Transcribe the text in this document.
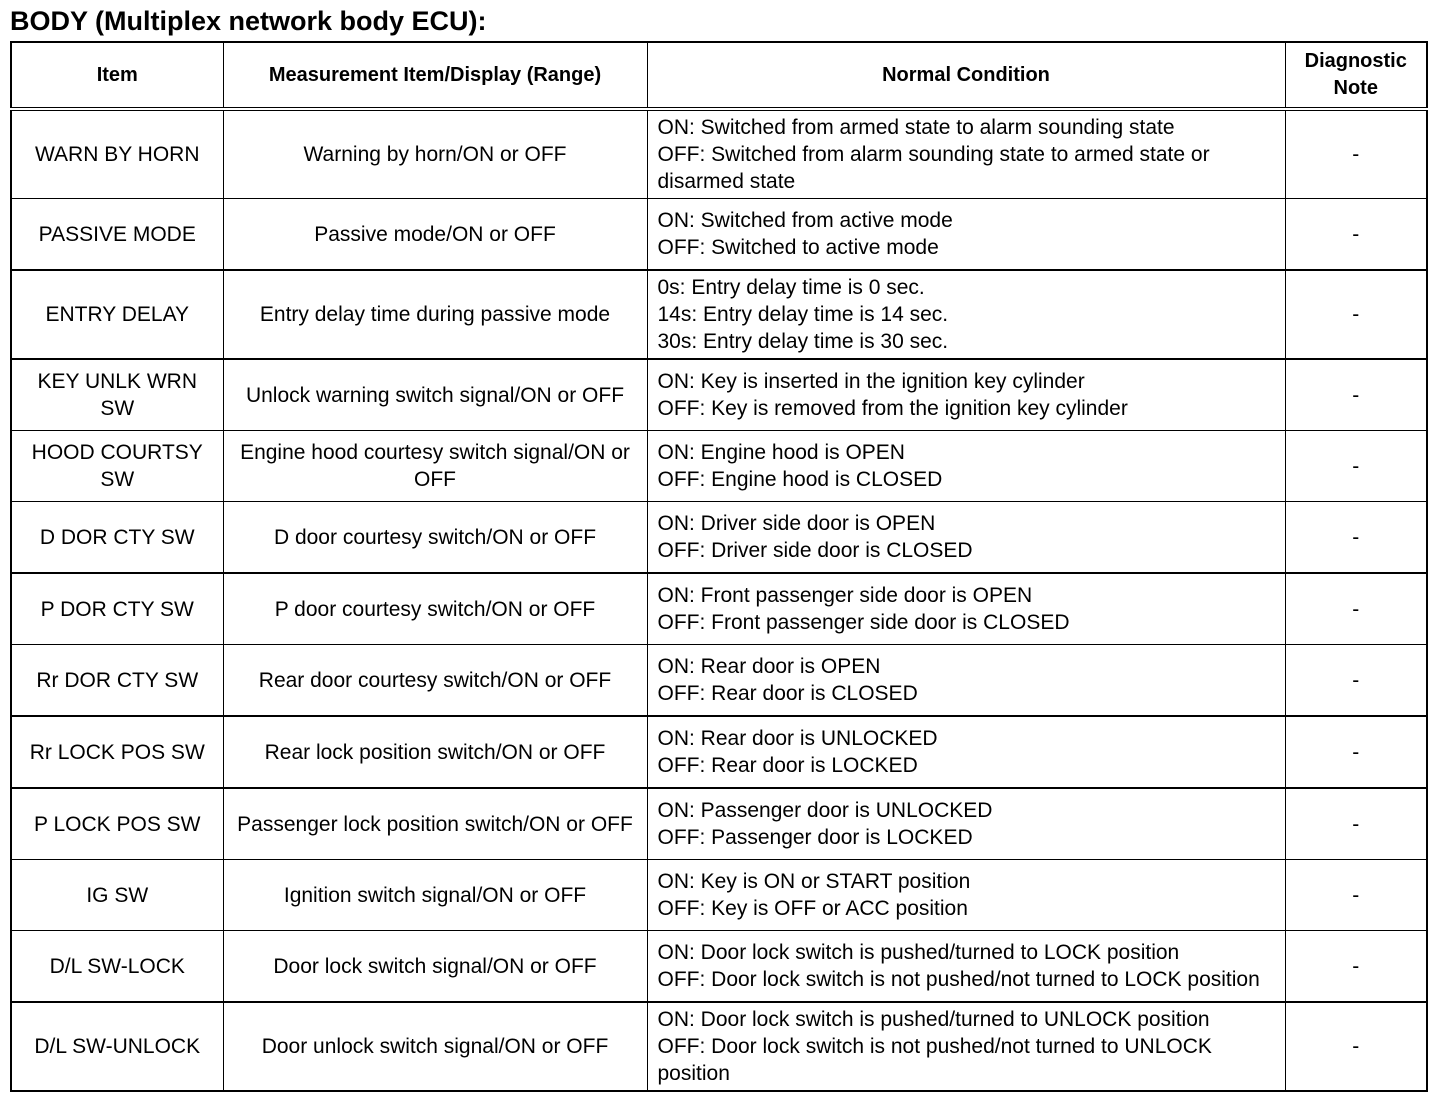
BODY (Multiplex network body ECU):
Item	Measurement Item/Display (Range)	Normal Condition	Diagnostic
Note

WARN BY HORN	Warning by horn/ON or OFF	ON: Switched from armed state to alarm sounding state
OFF: Switched from alarm sounding state to armed state or disarmed state	-
PASSIVE MODE	Passive mode/ON or OFF	ON: Switched from active mode
OFF: Switched to active mode	-
ENTRY DELAY	Entry delay time during passive mode	0s: Entry delay time is 0 sec.
14s: Entry delay time is 14 sec.
30s: Entry delay time is 30 sec.	-
KEY UNLK WRN SW	Unlock warning switch signal/ON or OFF	ON: Key is inserted in the ignition key cylinder
OFF: Key is removed from the ignition key cylinder	-
HOOD COURTSY SW	Engine hood courtesy switch signal/ON or OFF	ON: Engine hood is OPEN
OFF: Engine hood is CLOSED	-
D DOR CTY SW	D door courtesy switch/ON or OFF	ON: Driver side door is OPEN
OFF: Driver side door is CLOSED	-
P DOR CTY SW	P door courtesy switch/ON or OFF	ON: Front passenger side door is OPEN
OFF: Front passenger side door is CLOSED	-
Rr DOR CTY SW	Rear door courtesy switch/ON or OFF	ON: Rear door is OPEN
OFF: Rear door is CLOSED	-
Rr LOCK POS SW	Rear lock position switch/ON or OFF	ON: Rear door is UNLOCKED
OFF: Rear door is LOCKED	-
P LOCK POS SW	Passenger lock position switch/ON or OFF	ON: Passenger door is UNLOCKED
OFF: Passenger door is LOCKED	-
IG SW	Ignition switch signal/ON or OFF	ON: Key is ON or START position
OFF: Key is OFF or ACC position	-
D/L SW-LOCK	Door lock switch signal/ON or OFF	ON: Door lock switch is pushed/turned to LOCK position
OFF: Door lock switch is not pushed/not turned to LOCK position	-
D/L SW-UNLOCK	Door unlock switch signal/ON or OFF	ON: Door lock switch is pushed/turned to UNLOCK position
OFF: Door lock switch is not pushed/not turned to UNLOCK position	-
